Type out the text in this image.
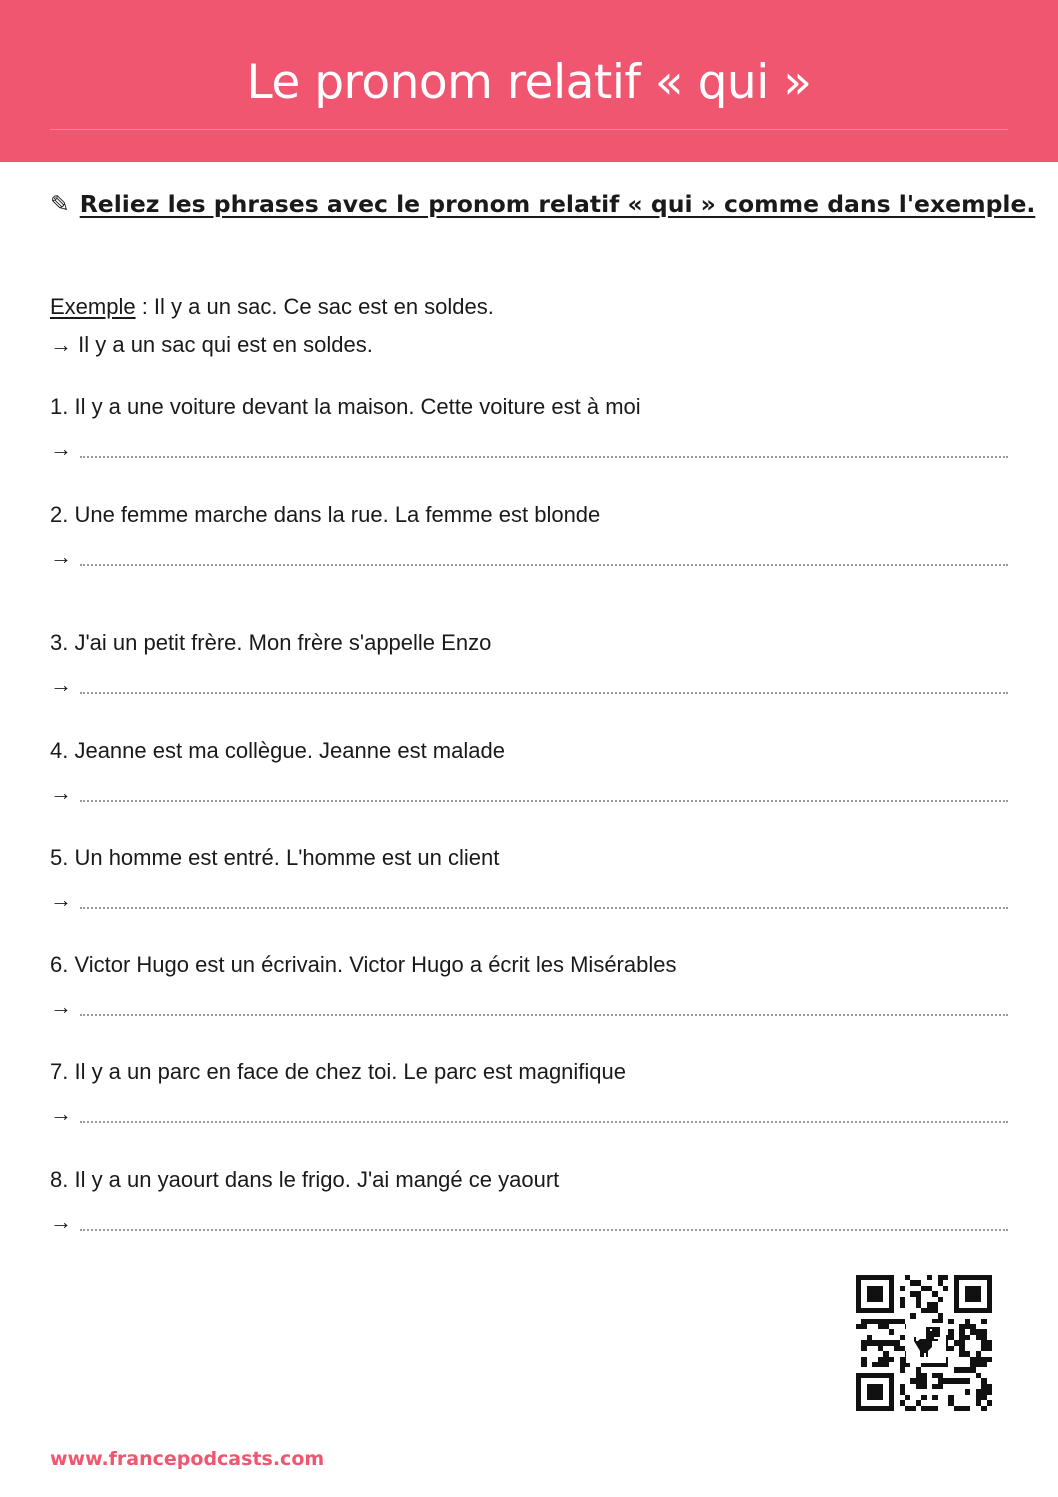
Le pronom relatif « qui »
✎ Reliez les phrases avec le pronom relatif « qui » comme dans l'exemple.
Exemple : Il y a un sac. Ce sac est en soldes.
→ Il y a un sac qui est en soldes.
1. Il y a une voiture devant la maison. Cette voiture est à moi
→
2. Une femme marche dans la rue. La femme est blonde
→
3. J'ai un petit frère. Mon frère s'appelle Enzo
→
4. Jeanne est ma collègue. Jeanne est malade
→
5. Un homme est entré. L'homme est un client
→
6. Victor Hugo est un écrivain. Victor Hugo a écrit les Misérables
→
7. Il y a un parc en face de chez toi. Le parc est magnifique
→
8. Il y a un yaourt dans le frigo. J'ai mangé ce yaourt
→
www.francepodcasts.com
